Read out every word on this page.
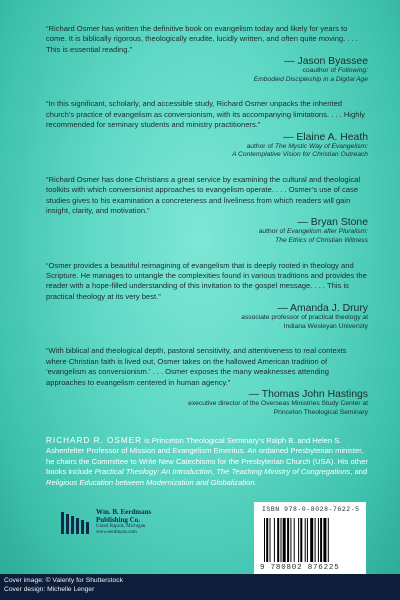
“Richard Osmer has written the definitive book on evangelism today and likely for years to come. It is biblically rigorous, theologically erudite, lucidly written, and often quite moving. . . . This is essential reading.”

— Jason Byassee
coauthor of Following:
Embodied Discipleship in a Digital Age

“In this significant, scholarly, and accessible study, Richard Osmer unpacks the inherited church’s practice of evangelism as conversionism, with its accompanying limitations. . . . Highly recommended for seminary students and ministry practitioners.”

— Elaine A. Heath
author of The Mystic Way of Evangelism:
A Contemplative Vision for Christian Outreach

“Richard Osmer has done Christians a great service by examining the cultural and theological toolkits with which conversionist approaches to evangelism operate. . . . Osmer’s use of case studies gives to his examination a concreteness and liveliness from which readers will gain insight, clarity, and motivation.”

— Bryan Stone
author of Evangelism after Pluralism:
The Ethics of Christian Witness

“Osmer provides a beautiful reimagining of evangelism that is deeply rooted in theology and Scripture. He manages to untangle the complexities found in various traditions and provides the reader with a hope-filled understanding of this invitation to the gospel message. . . . This is practical theology at its very best.”

— Amanda J. Drury
associate professor of practical theology at
Indiana Wesleyan University

“With biblical and theological depth, pastoral sensitivity, and attentiveness to real contexts where Christian faith is lived out, Osmer takes on the hallowed American tradition of ‘evangelism as conversionism.’ . . . Osmer exposes the many weaknesses attending approaches to evangelism centered in human agency.”

— Thomas John Hastings
executive director of the Overseas Ministries Study Center at
Princeton Theological Seminary
RICHARD R. OSMER is Princeton Theological Seminary’s Ralph B. and Helen S. Ashenfelter Professor of Mission and Evangelism Emeritus. An ordained Presbyterian minister, he chairs the Committee to Write New Catechisms for the Presbyterian Church (USA). His other books include Practical Theology: An Introduction, The Teaching Ministry of Congregations, and Religious Education between Modernization and Globalization.
Wm. B. Eerdmans
Publishing Co.
Grand Rapids, Michigan
www.eerdmans.com
ISBN 978-0-8028-7622-5
9 780802 876225
Cover image: © Valenty for Shutterstock
Cover design: Michelle Lenger
